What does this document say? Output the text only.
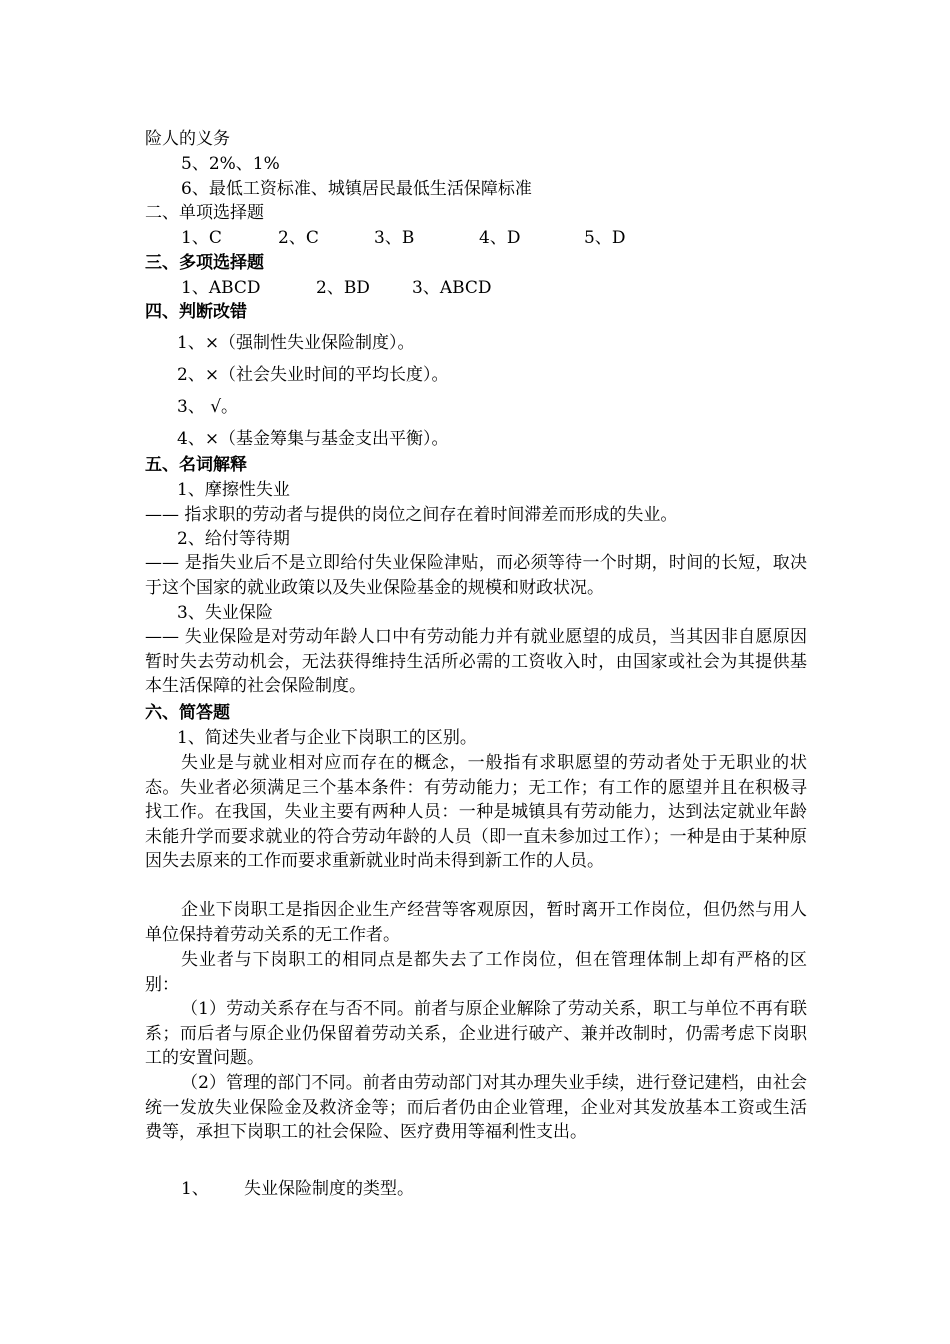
险人的义务
5、2%、1%
6、最低工资标准、城镇居民最低生活保障标准
二、单项选择题
1、C	2、C	3、B	4、D	5、D
三、多项选择题
1、ABCD	2、BD 3、ABCD
四、判断改错
1、×（强制性失业保险制度）。
2、×（社会失业时间的平均长度）。
3、 √。
4、×（基金筹集与基金支出平衡）。
五、名词解释
1、摩擦性失业
—— 指求职的劳动者与提供的岗位之间存在着时间滞差而形成的失业。
2、给付等待期
—— 是指失业后不是立即给付失业保险津贴，而必须等待一个时期，时间的长短，取决于这个国家的就业政策以及失业保险基金的规模和财政状况。
3、失业保险
—— 失业保险是对劳动年龄人口中有劳动能力并有就业愿望的成员，当其因非自愿原因暂时失去劳动机会，无法获得维持生活所必需的工资收入时，由国家或社会为其提供基本生活保障的社会保险制度。
六、简答题
1、简述失业者与企业下岗职工的区别。
失业是与就业相对应而存在的概念，一般指有求职愿望的劳动者处于无职业的状态。失业者必须满足三个基本条件：有劳动能力；无工作；有工作的愿望并且在积极寻找工作。在我国，失业主要有两种人员：一种是城镇具有劳动能力，达到法定就业年龄未能升学而要求就业的符合劳动年龄的人员（即一直未参加过工作）；一种是由于某种原因失去原来的工作而要求重新就业时尚未得到新工作的人员。
企业下岗职工是指因企业生产经营等客观原因，暂时离开工作岗位，但仍然与用人单位保持着劳动关系的无工作者。
失业者与下岗职工的相同点是都失去了工作岗位，但在管理体制上却有严格的区别：
（1）劳动关系存在与否不同。前者与原企业解除了劳动关系，职工与单位不再有联系；而后者与原企业仍保留着劳动关系，企业进行破产、兼并改制时，仍需考虑下岗职工的安置问题。
（2）管理的部门不同。前者由劳动部门对其办理失业手续，进行登记建档，由社会统一发放失业保险金及救济金等；而后者仍由企业管理，企业对其发放基本工资或生活费等，承担下岗职工的社会保险、医疗费用等福利性支出。
1、 失业保险制度的类型。
